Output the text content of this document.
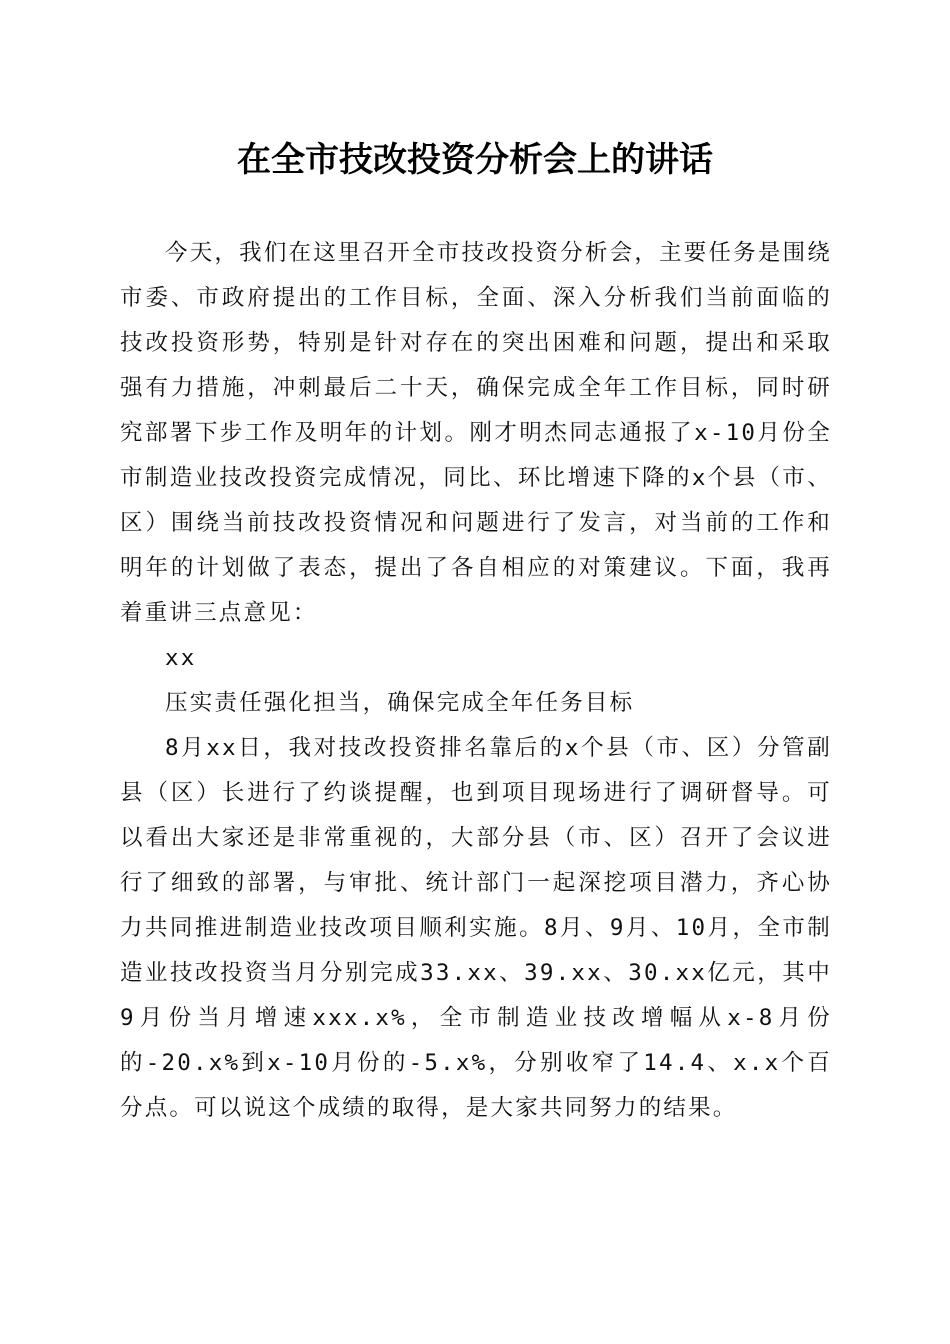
在全市技改投资分析会上的讲话

今天，我们在这里召开全市技改投资分析会，主要任务是围绕市委、市政府提出的工作目标，全面、深入分析我们当前面临的技改投资形势，特别是针对存在的突出困难和问题，提出和采取强有力措施，冲刺最后二十天，确保完成全年工作目标，同时研究部署下步工作及明年的计划。刚才明杰同志通报了x-10月份全市制造业技改投资完成情况，同比、环比增速下降的x个县（市、区）围绕当前技改投资情况和问题进行了发言，对当前的工作和明年的计划做了表态，提出了各自相应的对策建议。下面，我再着重讲三点意见：

xx

压实责任强化担当，确保完成全年任务目标

8月xx日，我对技改投资排名靠后的x个县（市、区）分管副县（区）长进行了约谈提醒，也到项目现场进行了调研督导。可以看出大家还是非常重视的，大部分县（市、区）召开了会议进行了细致的部署，与审批、统计部门一起深挖项目潜力，齐心协力共同推进制造业技改项目顺利实施。8月、9月、10月，全市制造业技改投资当月分别完成33.xx、39.xx、30.xx亿元，其中9月份当月增速xxx.x%，全市制造业技改增幅从x-8月份的-20.x%到x-10月份的-5.x%，分别收窄了14.4、x.x个百分点。可以说这个成绩的取得，是大家共同努力的结果。
